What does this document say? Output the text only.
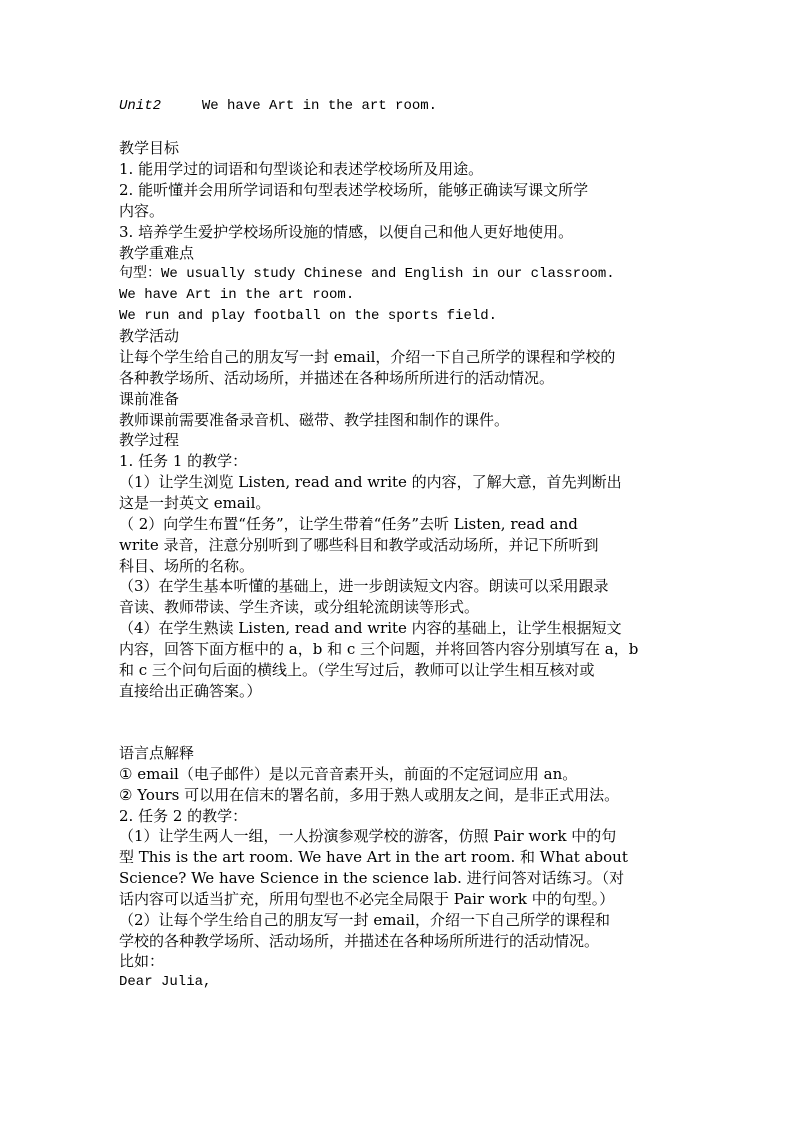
Unit2	We have Art in the art room.
教学目标
1. 能用学过的词语和句型谈论和表述学校场所及用途。
2. 能听懂并会用所学词语和句型表述学校场所，能够正确读写课文所学
内容。
3. 培养学生爱护学校场所设施的情感，以便自己和他人更好地使用。
教学重难点
句型：We usually study Chinese and English in our classroom.
We have Art in the art room.
We run and play football on the sports field.
教学活动
让每个学生给自己的朋友写一封 email，介绍一下自己所学的课程和学校的
各种教学场所、活动场所，并描述在各种场所所进行的活动情况。
课前准备
教师课前需要准备录音机、磁带、教学挂图和制作的课件。
教学过程
1. 任务 1 的教学：
（1）让学生浏览 Listen, read and write 的内容，了解大意，首先判断出
这是一封英文 email。
（ 2）向学生布置“任务”，让学生带着“任务”去听 Listen, read and
write 录音，注意分别听到了哪些科目和教学或活动场所，并记下所听到
科目、场所的名称。
（3）在学生基本听懂的基础上，进一步朗读短文内容。朗读可以采用跟录
音读、教师带读、学生齐读，或分组轮流朗读等形式。
（4）在学生熟读 Listen, read and write 内容的基础上，让学生根据短文
内容，回答下面方框中的 a，b 和 c 三个问题，并将回答内容分别填写在 a，b
和 c 三个问句后面的横线上。（学生写过后，教师可以让学生相互核对或
直接给出正确答案。）
语言点解释
① email（电子邮件）是以元音音素开头，前面的不定冠词应用 an。
② Yours 可以用在信末的署名前，多用于熟人或朋友之间，是非正式用法。
2. 任务 2 的教学：
（1）让学生两人一组，一人扮演参观学校的游客，仿照 Pair work 中的句
型 This is the art room. We have Art in the art room. 和 What about
Science? We have Science in the science lab. 进行问答对话练习。（对
话内容可以适当扩充，所用句型也不必完全局限于 Pair work 中的句型。）
（2）让每个学生给自己的朋友写一封 email，介绍一下自己所学的课程和
学校的各种教学场所、活动场所，并描述在各种场所所进行的活动情况。
比如：
Dear Julia,
